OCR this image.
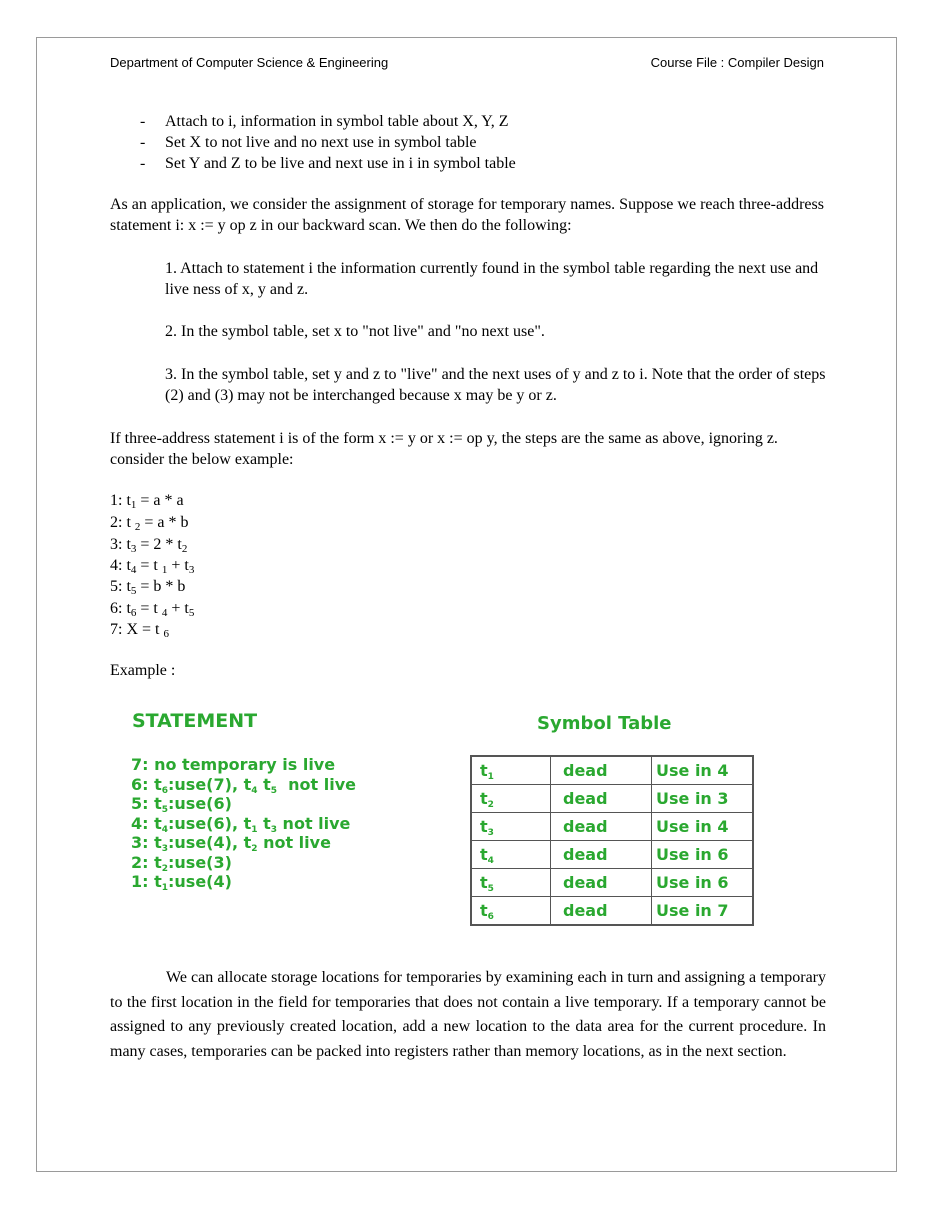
Department of Computer Science & Engineering	Course File : Compiler Design
- Attach to i, information in symbol table about X, Y, Z
- Set X to not live and no next use in symbol table
- Set Y and Z to be live and next use in i in symbol table

As an application, we consider the assignment of storage for temporary names. Suppose we reach three-address statement i: x := y op z in our backward scan. We then do the following:

1. Attach to statement i the information currently found in the symbol table regarding the next use and live ness of x, y and z.

2. In the symbol table, set x to "not live" and "no next use".

3. In the symbol table, set y and z to "live" and the next uses of y and z to i. Note that the order of steps (2) and (3) may not be interchanged because x may be y or z.

If three-address statement i is of the form x := y or x := op y, the steps are the same as above, ignoring z. consider the below example:

1: $t_1 = a * a$
2: t $_2$ = a * b
3: $t_3 = 2 * t_2$
4: $t_4 = t$ $_1 + t_3$
5: $t_5 = b * b$
6: $t_6 = t$ $_4 + t_5$
7: X = t $_6$
Example :
STATEMENT	Symbol Table
7: no temporary is live
6: $t_6:use(7)$, $t_4$ $t_5$  not live
5: $t_5:use(6)$
4: $t_4:use(6)$, $t_1$ $t_3$ not live
3: $t_3:use(4)$, $t_2$ not live
2: $t_2:use(3)$
1: $t_1:use(4)$
$t_1$	dead	Use in 4
$t_2$	dead	Use in 3
$t_3$	dead	Use in 4
$t_4$	dead	Use in 6
$t_5$	dead	Use in 6
$t_6$	dead	Use in 7

We can allocate storage locations for temporaries by examining each in turn and assigning a temporary to the first location in the field for temporaries that does not contain a live temporary. If a temporary cannot be assigned to any previously created location, add a new location to the data area for the current procedure. In many cases, temporaries can be packed into registers rather than memory locations, as in the next section.
